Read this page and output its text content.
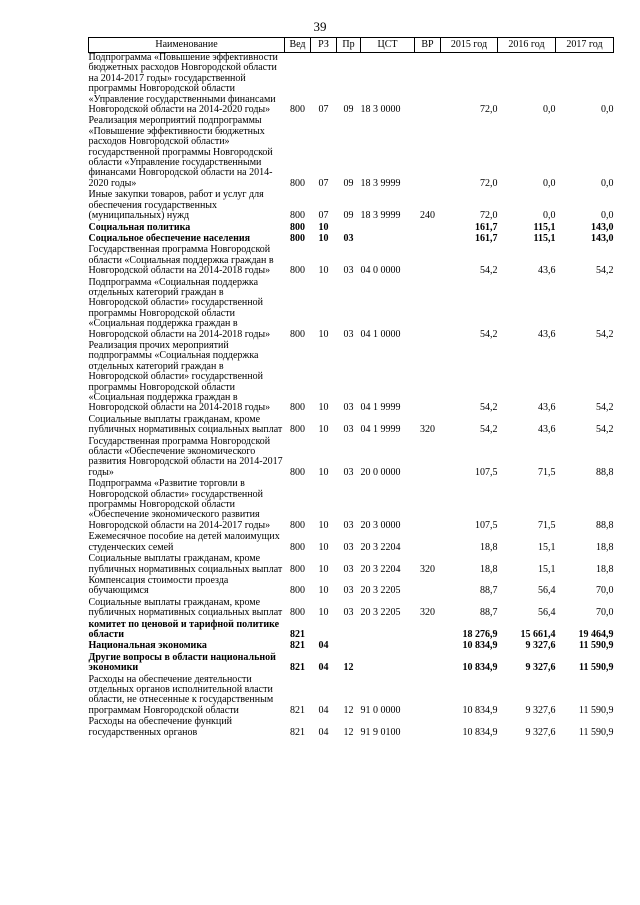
39
Наименование	Вед	РЗ	Пр	ЦСТ	ВР	2015 год	2016 год	2017 год
Подпрограмма «Повышение эффективности бюджетных расходов Новгородской области на 2014-2017 годы» государственной программы Новгородской области «Управление государственными финансами Новгородской области на 2014-2020 годы»	800	07	09	18 3 0000		72,0	0,0	0,0
Реализация мероприятий подпрограммы «Повышение эффективности бюджетных расходов Новгородской области» государственной программы Новгородской области «Управление государственными финансами Новгородской области на 2014-2020 годы»	800	07	09	18 3 9999		72,0	0,0	0,0
Иные закупки товаров, работ и услуг для обеспечения государственных (муниципальных) нужд	800	07	09	18 3 9999	240	72,0	0,0	0,0
Социальная политика	800	10				161,7	115,1	143,0
Социальное обеспечение населения	800	10	03			161,7	115,1	143,0
Государственная программа Новгородской области «Социальная поддержка граждан в Новгородской области на 2014-2018 годы»	800	10	03	04 0 0000		54,2	43,6	54,2
Подпрограмма «Социальная поддержка отдельных категорий граждан в Новгородской области» государственной программы Новгородской области «Социальная поддержка граждан в Новгородской области на 2014-2018 годы»	800	10	03	04 1 0000		54,2	43,6	54,2
Реализация прочих мероприятий подпрограммы «Социальная поддержка отдельных категорий граждан в Новгородской области» государственной программы Новгородской области «Социальная поддержка граждан в Новгородской области на 2014-2018 годы»	800	10	03	04 1 9999		54,2	43,6	54,2
Социальные выплаты гражданам, кроме публичных нормативных социальных выплат	800	10	03	04 1 9999	320	54,2	43,6	54,2
Государственная программа Новгородской области «Обеспечение экономического развития Новгородской области на 2014-2017 годы»	800	10	03	20 0 0000		107,5	71,5	88,8
Подпрограмма «Развитие торговли в Новгородской области» государственной программы Новгородской области «Обеспечение экономического развития Новгородской области на 2014-2017 годы»	800	10	03	20 3 0000		107,5	71,5	88,8
Ежемесячное пособие на детей малоимущих студенческих семей	800	10	03	20 3 2204		18,8	15,1	18,8
Социальные выплаты гражданам, кроме публичных нормативных социальных выплат	800	10	03	20 3 2204	320	18,8	15,1	18,8
Компенсация стоимости проезда обучающимся	800	10	03	20 3 2205		88,7	56,4	70,0
Социальные выплаты гражданам, кроме публичных нормативных социальных выплат	800	10	03	20 3 2205	320	88,7	56,4	70,0
комитет по ценовой и тарифной политике области	821					18 276,9	15 661,4	19 464,9
Национальная экономика	821	04				10 834,9	9 327,6	11 590,9
Другие вопросы в области национальной экономики	821	04	12			10 834,9	9 327,6	11 590,9
Расходы на обеспечение деятельности отдельных органов исполнительной власти области, не отнесенные к государственным программам Новгородской области	821	04	12	91 0 0000		10 834,9	9 327,6	11 590,9
Расходы на обеспечение функций государственных органов	821	04	12	91 9 0100		10 834,9	9 327,6	11 590,9
